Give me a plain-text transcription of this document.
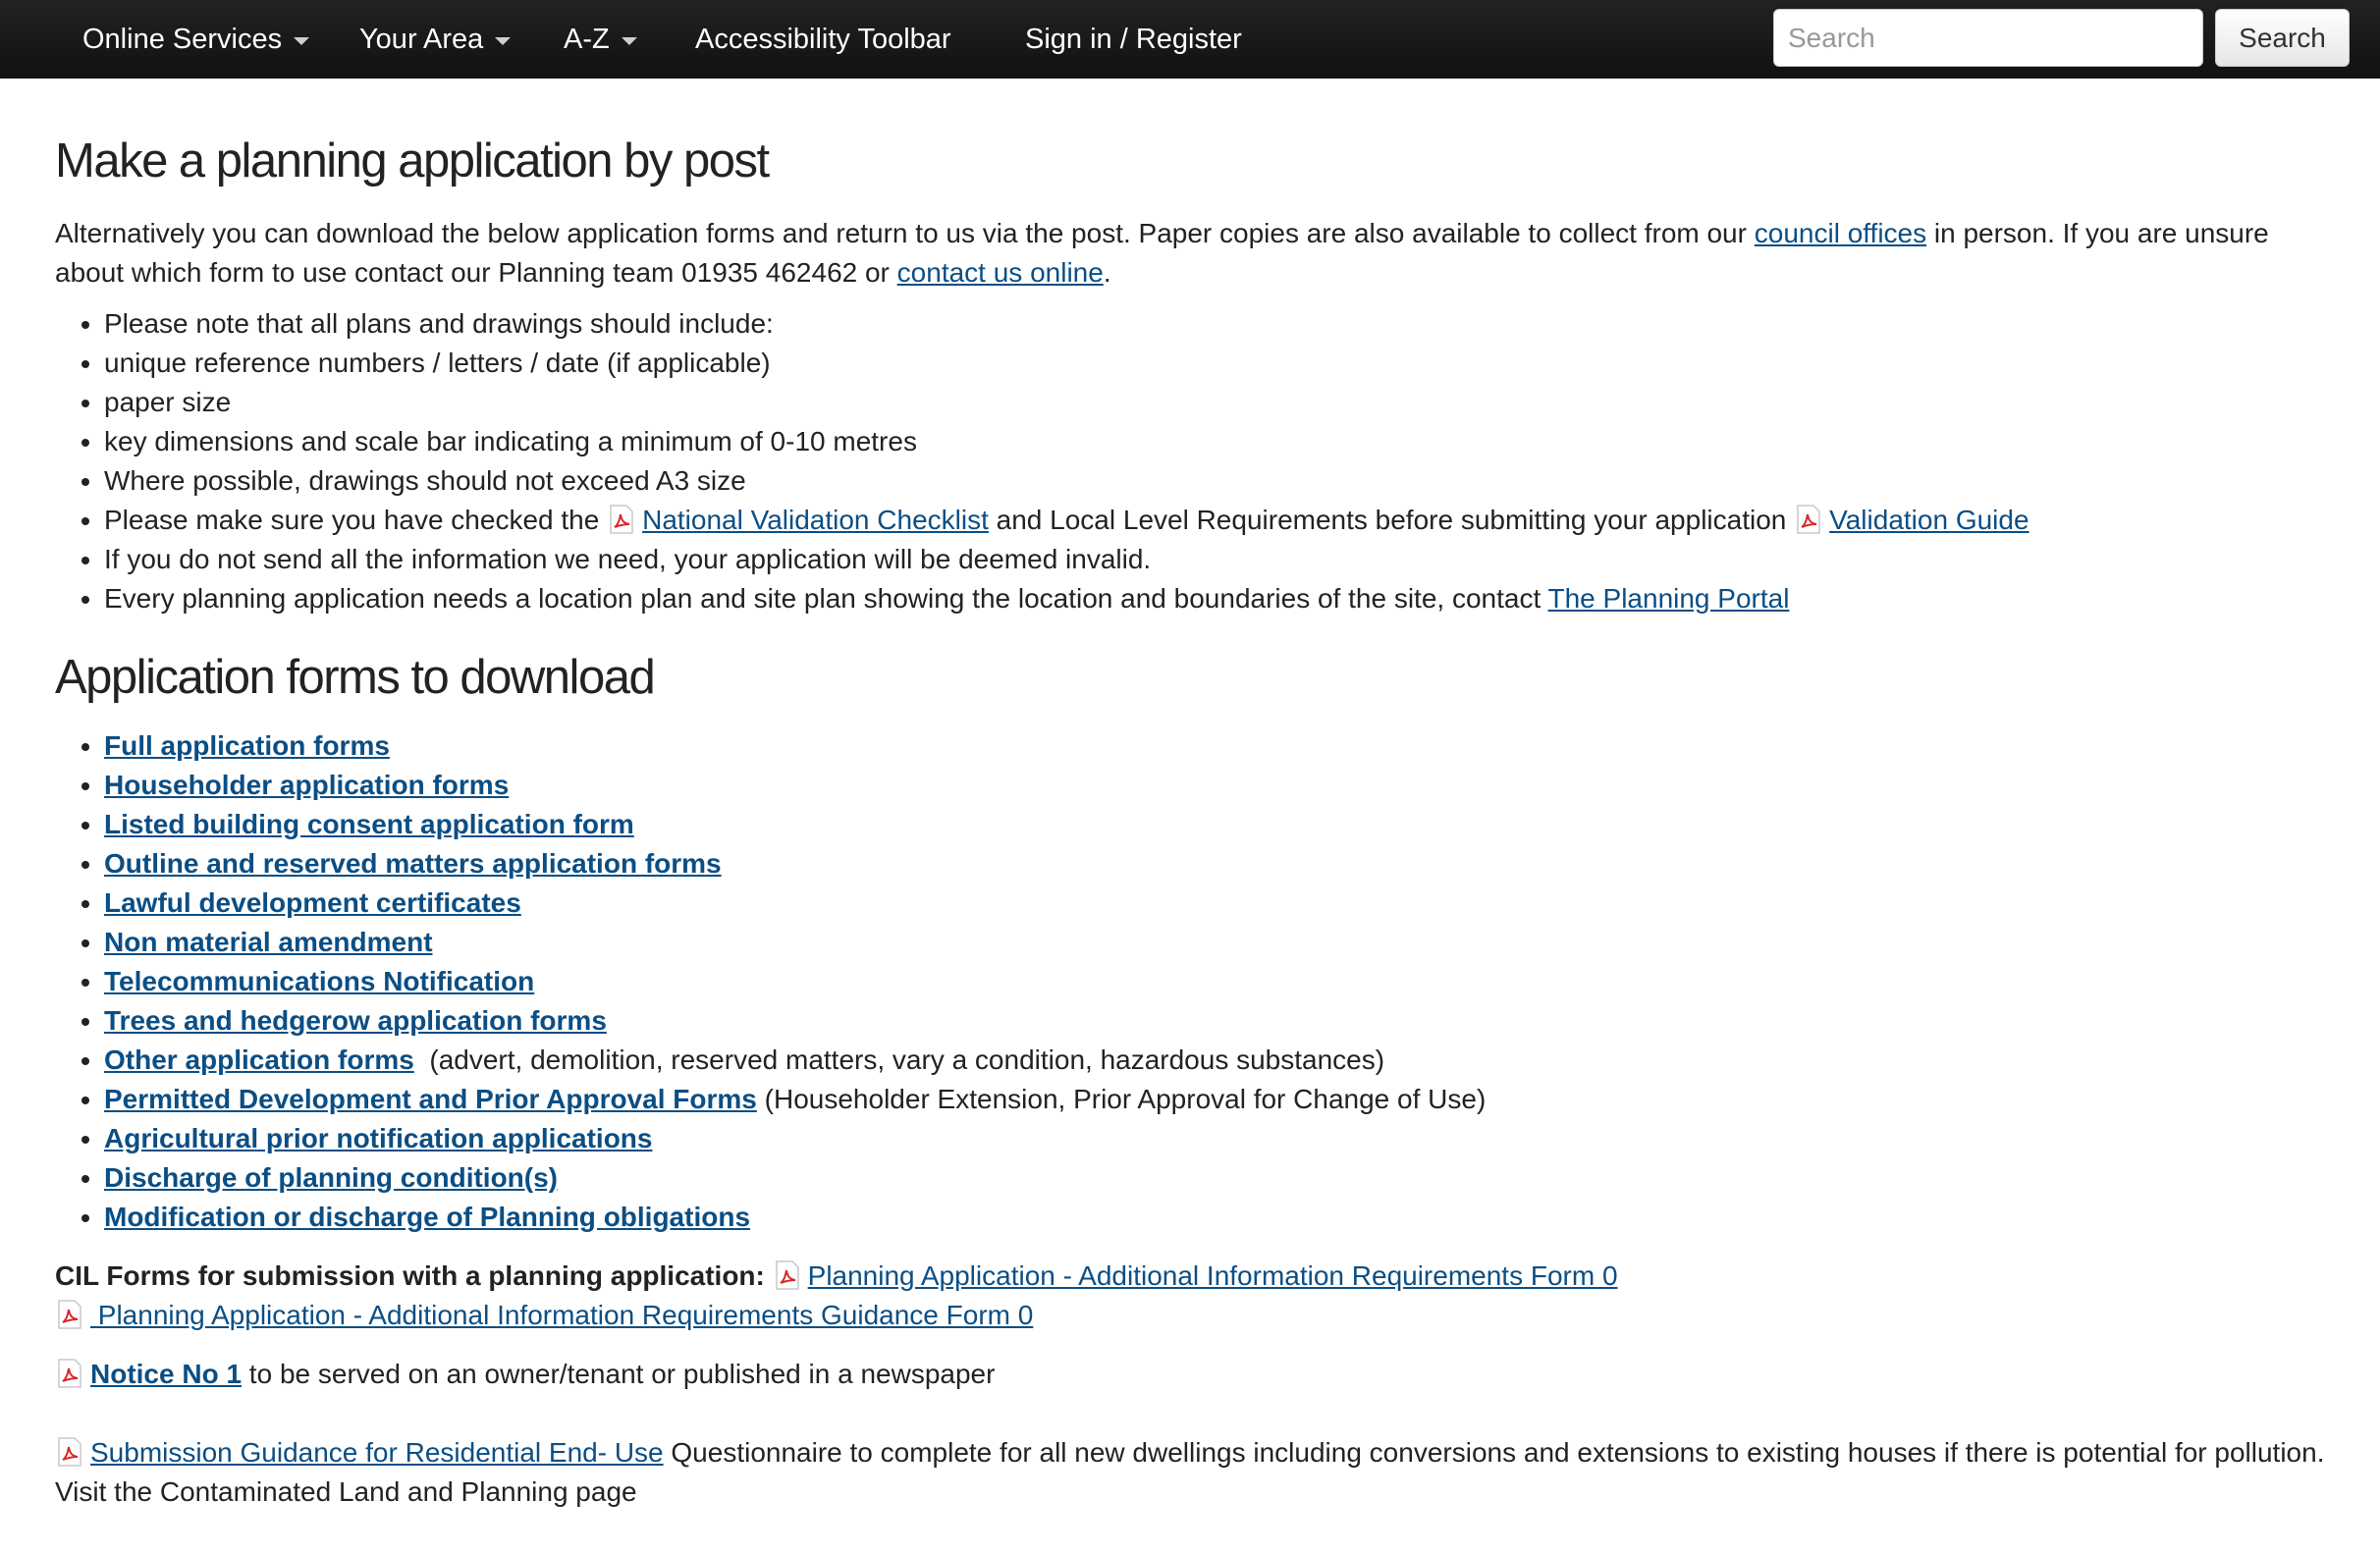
Online Services	Your Area	A-Z	Accessibility Toolbar	Sign in / Register
Search	Search
Make a planning application by post

Alternatively you can download the below application forms and return to us via the post. Paper copies are also available to collect from our council offices in person. If you are unsure about which form to use contact our Planning team 01935 462462 or contact us online.

• Please note that all plans and drawings should include:
• unique reference numbers / letters / date (if applicable)
• paper size
• key dimensions and scale bar indicating a minimum of 0-10 metres
• Where possible, drawings should not exceed A3 size
• Please make sure you have checked the National Validation Checklist and Local Level Requirements before submitting your application Validation Guide
• If you do not send all the information we need, your application will be deemed invalid.
• Every planning application needs a location plan and site plan showing the location and boundaries of the site, contact The Planning Portal
Application forms to download
• Full application forms
• Householder application forms
• Listed building consent application form
• Outline and reserved matters application forms
• Lawful development certificates
• Non material amendment
• Telecommunications Notification
• Trees and hedgerow application forms
• Other application forms  (advert, demolition, reserved matters, vary a condition, hazardous substances)
• Permitted Development and Prior Approval Forms (Householder Extension, Prior Approval for Change of Use)
• Agricultural prior notification applications
• Discharge of planning condition(s)
• Modification or discharge of Planning obligations

CIL Forms for submission with a planning application: Planning Application - Additional Information Requirements Form 0
Planning Application - Additional Information Requirements Guidance Form 0

Notice No 1 to be served on an owner/tenant or published in a newspaper

Submission Guidance for Residential End- Use Questionnaire to complete for all new dwellings including conversions and extensions to existing houses if there is potential for pollution. Visit the Contaminated Land and Planning page
